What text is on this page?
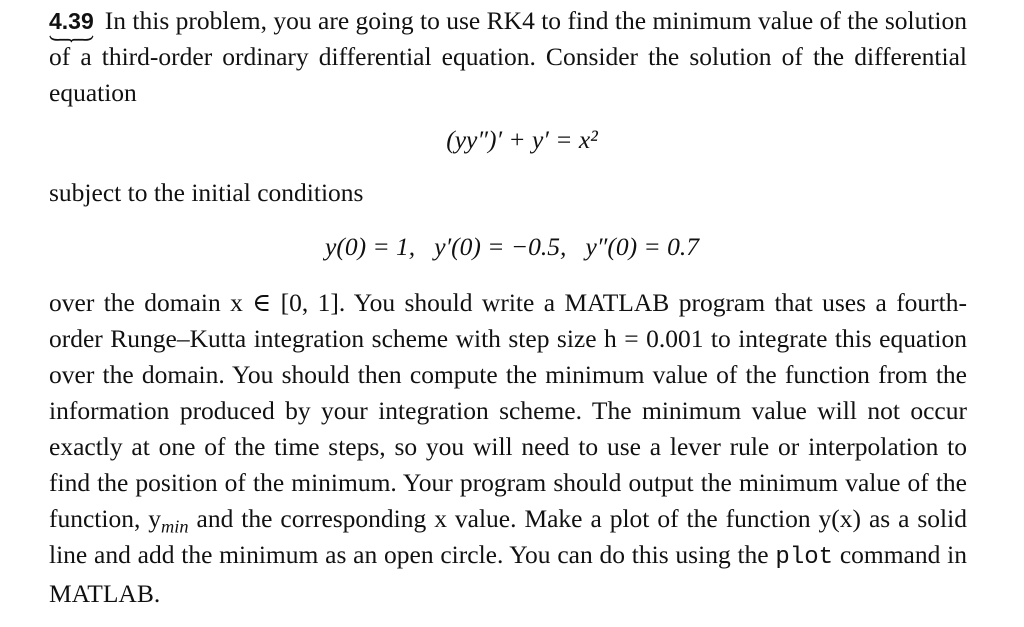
4.39 In this problem, you are going to use RK4 to find the minimum value of the solution of a third-order ordinary differential equation. Consider the solution of the differential equation

(yy″)′ + y′ = x²

subject to the initial conditions

y(0) = 1,   y′(0) = −0.5,   y″(0) = 0.7

over the domain x ∈ [0, 1]. You should write a MATLAB program that uses a fourth-order Runge–Kutta integration scheme with step size h = 0.001 to integrate this equation over the domain. You should then compute the minimum value of the function from the information produced by your integration scheme. The minimum value will not occur exactly at one of the time steps, so you will need to use a lever rule or interpolation to find the position of the minimum. Your program should output the minimum value of the function, $y_{min}$ and the corresponding x value. Make a plot of the function y(x) as a solid line and add the minimum as an open circle. You can do this using the plot command in MATLAB.
